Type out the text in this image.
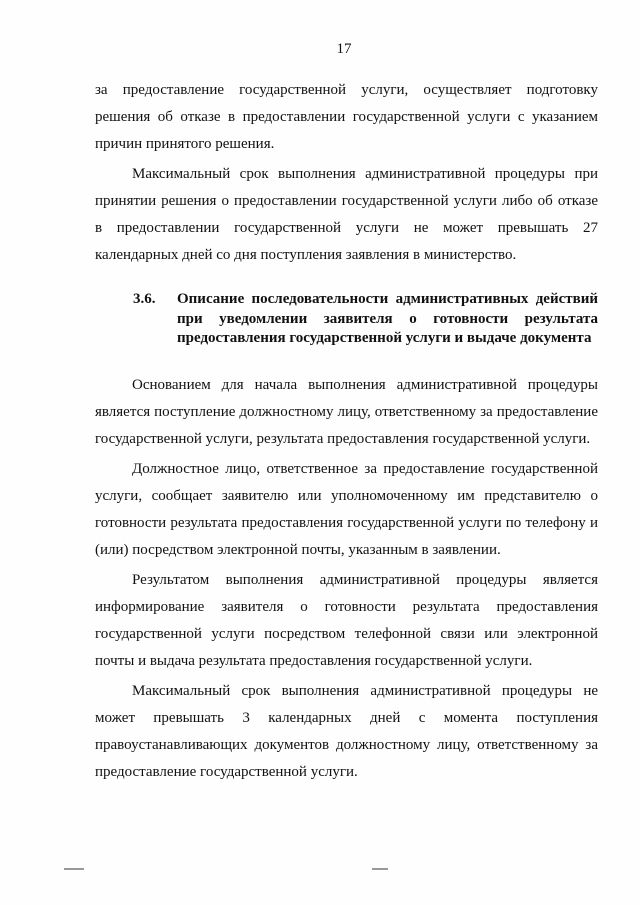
17

за предоставление государственной услуги, осуществляет подготовку решения об отказе в предоставлении государственной услуги с указанием причин принятого решения.

Максимальный срок выполнения административной процедуры при принятии решения о предоставлении государственной услуги либо об отказе в предоставлении государственной услуги не может превышать 27 календарных дней со дня поступления заявления в министерство.

3.6.	Описание последовательности административных действий при уведомлении заявителя о готовности результата предоставления государственной услуги и выдаче документа

Основанием для начала выполнения административной процедуры является поступление должностному лицу, ответственному за предоставление государственной услуги, результата предоставления государственной услуги.

Должностное лицо, ответственное за предоставление государственной услуги, сообщает заявителю или уполномоченному им представителю о готовности результата предоставления государственной услуги по телефону и (или) посредством электронной почты, указанным в заявлении.

Результатом выполнения административной процедуры является информирование заявителя о готовности результата предоставления государственной услуги посредством телефонной связи или электронной почты и выдача результата предоставления государственной услуги.

Максимальный срок выполнения административной процедуры не может превышать 3 календарных дней с момента поступления правоустанавливающих документов должностному лицу, ответственному за предоставление государственной услуги.
